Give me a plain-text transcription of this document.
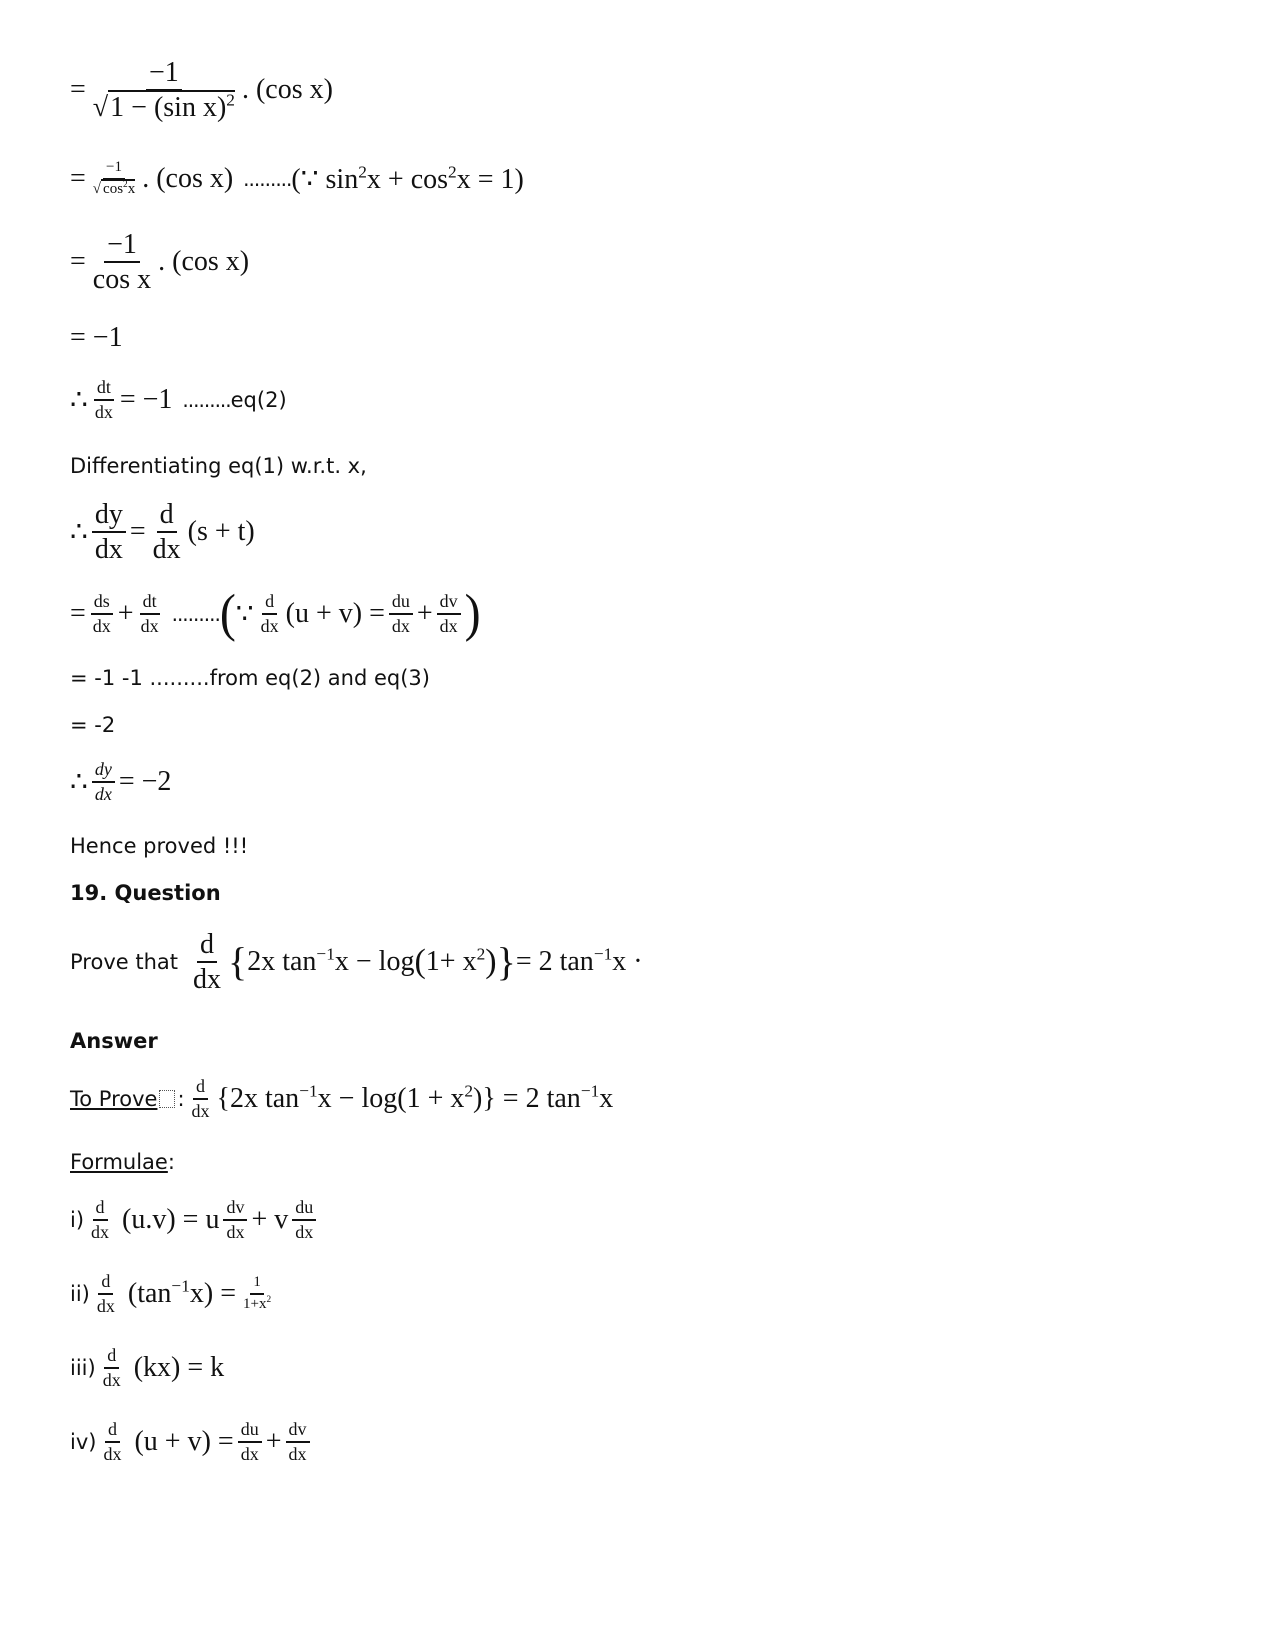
= $\frac{-1}{√1 - (\sin x)^2}$ . (cos x)
= $\frac{-1}{√ \cos^2x}$ . (cos x) ......... (∵ $\sin^2x + \cos^2x = 1$)
= $\frac{-1}{\text{cos x}}$ . (cos x)
= −1
∴ $\frac{dt}{dx} = -1$ ......... eq(2)
Differentiating eq(1) w.r.t. x,
∴ $\frac{dy}{dx} = \frac{d}{dx} (s + t)$
= $\frac{ds}{dx} + \frac{dt}{dx}$ ......... ( ∵ $\frac{d}{dx} (u + v) = \frac{du}{dx} + \frac{dv}{dx}$ )
= -1 -1 .........from eq(2) and eq(3)
= -2
∴ $\frac{dy}{dx} = -2$
Hence proved !!!
19. Question
Prove that $\frac{d}{dx}$ { 2x $\tan^{-1}x - \log$ ( $1+ x^2$ ) } = 2 $\tan^{-1}x$ ·
Answer
To Prove : $\frac{d}{dx} \{2x$ $\tan^{-1}x - \log(1 + x^2)\} = 2$ $\tan^{-1}x$
Formulae :
$i) \frac{d}{dx} (u.v) = u \frac{dv}{dx} + v \frac{du}{dx}$
$ii) \frac{d}{dx} (\tan^{-1}x) = \frac{1}{1+x^2}$
$iii) \frac{d}{dx} (kx) = k$
$iv) \frac{d}{dx} (u + v) = \frac{du}{dx} + \frac{dv}{dx}$
